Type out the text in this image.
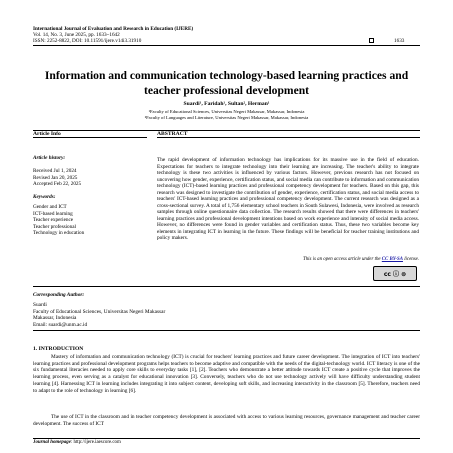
International Journal of Evaluation and Research in Education (IJERE)
Vol. 14, No. 3, June 2025, pp. 1633~1642
ISSN: 2252-8822, DOI: 10.11591/ijere.v14i3.31910	1633
Information and communication technology-based learning practices and teacher professional development
Suardi¹, Faridah¹, Sultan², Herman¹
¹Faculty of Educational Sciences, Universitas Negeri Makassar, Makassar, Indonesia
²Faculty of Languages and Literature, Universitas Negeri Makassar, Makassar, Indonesia
Article Info
Article history:
Received Jul 1, 2024
Revised Jan 20, 2025
Accepted Feb 22, 2025
Keywords:
Gender and ICT
ICT-based learning
Teacher experience
Teacher professional
Technology in education
ABSTRACT
The rapid development of information technology has implications for its massive use in the field of education. Expectations for teachers to integrate technology into their learning are increasing. The teacher's ability to integrate technology is these two activities is influenced by various factors. However, previous research has not focused on uncovering how gender, experience, certification status, and social media can contribute to information and communication technology (ICT)-based learning practices and professional competency development for teachers. Based on this gap, this research was designed to investigate the contribution of gender, experience, certification status, and social media access to teachers' ICT-based learning practices and professional competency development. The current research was designed as a cross-sectional survey. A total of 1,756 elementary school teachers in South Sulawesi, Indonesia, were involved as research samples through online questionnaire data collection. The research results showed that there were differences in teachers' learning practices and professional development intentions based on work experience and intensity of social media access. However, no differences were found in gender variables and certification status. Thus, these two variables become key elements in integrating ICT in learning in the future. These findings will be beneficial for teacher training institutions and policy makers.
This is an open access article under the CC BY-SA license.
cc ⓘ ⊚
Corresponding Author:
Suardi
Faculty of Educational Sciences, Universitas Negeri Makassar
Makassar, Indonesia
Email: suardi@unm.ac.id
1. INTRODUCTION
Mastery of information and communication technology (ICT) is crucial for teachers' learning practices and future career development. The integration of ICT into teachers' learning practices and professional development programs helps teachers to become adaptive and compatible with the needs of the digital-technology world. ICT literacy is one of the six fundamental literacies needed to apply core skills to everyday tasks [1], [2]. Teachers who demonstrate a better attitude towards ICT create a positive cycle that improves the learning process, even serving as a catalyst for educational innovation [3]. Conversely, teachers who do not use technology actively will have difficulty understanding student learning [4]. Harnessing ICT in learning includes integrating it into subject content, developing soft skills, and increasing interactivity in the classroom [5]. Therefore, teachers need to adapt to the role of technology in learning [6].
The use of ICT in the classroom and in teacher competency development is associated with access to various learning resources, governance management and teacher career development. The success of ICT
Journal homepage: http://ijere.iaescore.com
